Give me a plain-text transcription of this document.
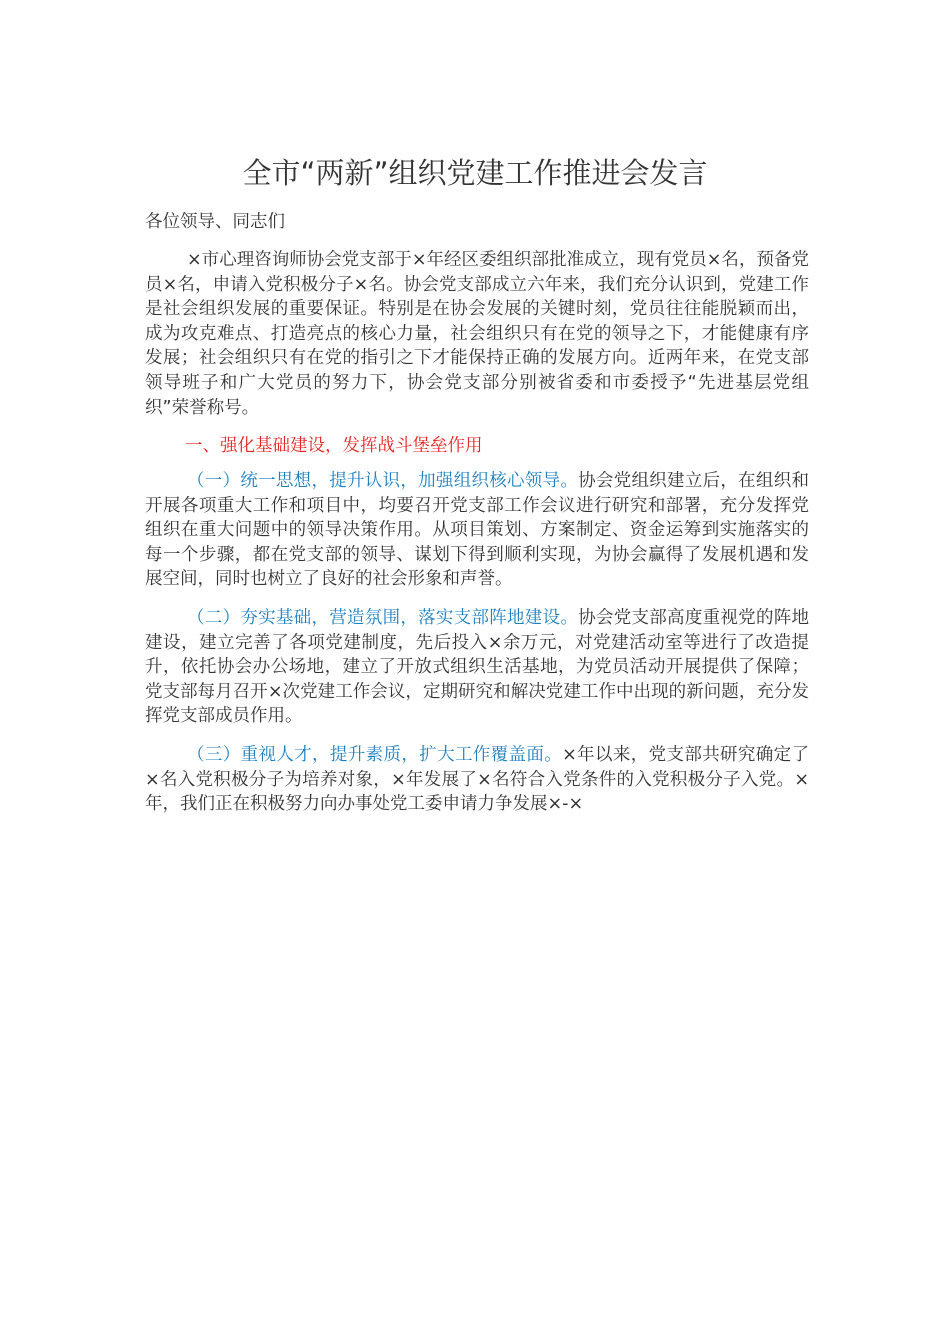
全市“两新”组织党建工作推进会发言

各位领导、同志们

×市心理咨询师协会党支部于×年经区委组织部批准成立，现有党员×名，预备党员×名，申请入党积极分子×名。协会党支部成立六年来，我们充分认识到，党建工作是社会组织发展的重要保证。特别是在协会发展的关键时刻，党员往往能脱颖而出，成为攻克难点、打造亮点的核心力量，社会组织只有在党的领导之下，才能健康有序发展；社会组织只有在党的指引之下才能保持正确的发展方向。近两年来，在党支部领导班子和广大党员的努力下，协会党支部分别被省委和市委授予“先进基层党组织”荣誉称号。

一、强化基础建设，发挥战斗堡垒作用

（一）统一思想，提升认识，加强组织核心领导。协会党组织建立后，在组织和开展各项重大工作和项目中，均要召开党支部工作会议进行研究和部署，充分发挥党组织在重大问题中的领导决策作用。从项目策划、方案制定、资金运筹到实施落实的每一个步骤，都在党支部的领导、谋划下得到顺利实现，为协会赢得了发展机遇和发展空间，同时也树立了良好的社会形象和声誉。

（二）夯实基础，营造氛围，落实支部阵地建设。协会党支部高度重视党的阵地建设，建立完善了各项党建制度，先后投入×余万元，对党建活动室等进行了改造提升，依托协会办公场地，建立了开放式组织生活基地，为党员活动开展提供了保障；党支部每月召开×次党建工作会议，定期研究和解决党建工作中出现的新问题，充分发挥党支部成员作用。

（三）重视人才，提升素质，扩大工作覆盖面。×年以来，党支部共研究确定了×名入党积极分子为培养对象，×年发展了×名符合入党条件的入党积极分子入党。×年，我们正在积极努力向办事处党工委申请力争发展×-×
